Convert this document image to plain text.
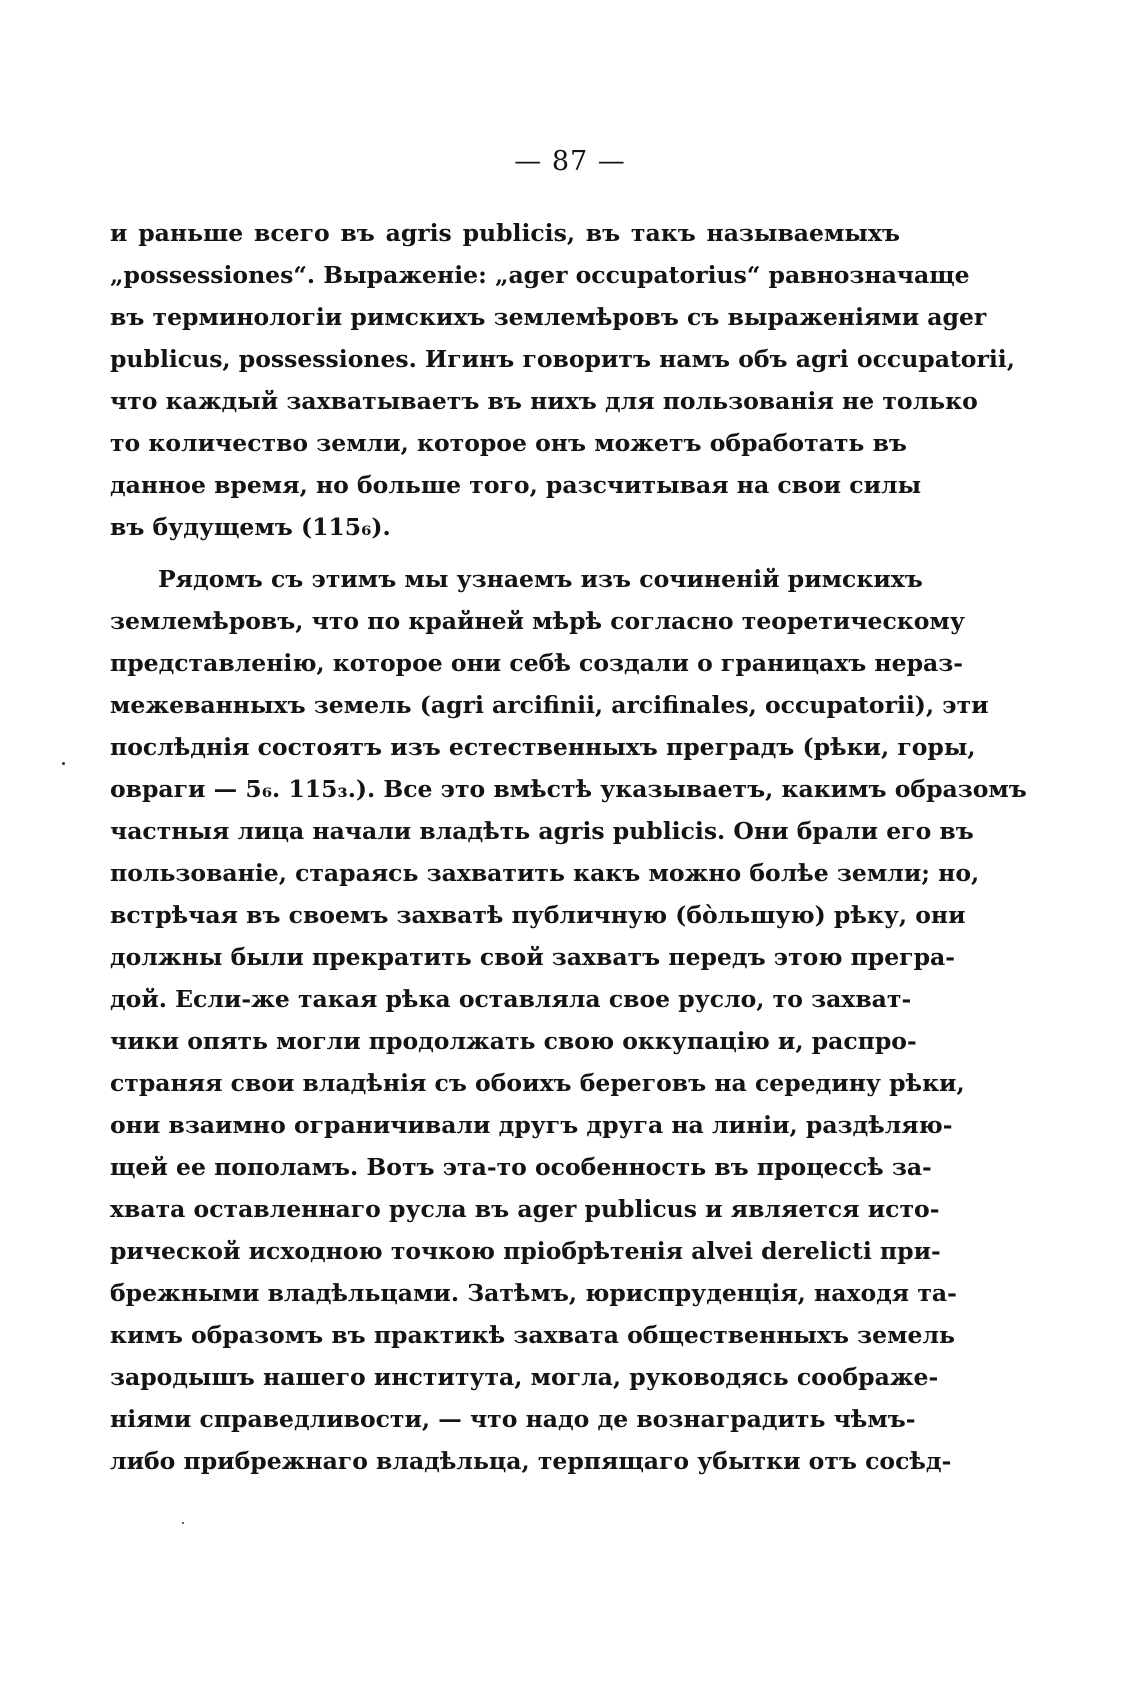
— 87 —
и раньше всего въ agris publicis, въ такъ называемыхъ
„possessiones“. Выраженіе: „ager occupatorius“ равнозначаще
въ терминологіи римскихъ землемѣровъ съ выраженіями ager
publicus, possessiones. Игинъ говоритъ намъ объ agri occupatorii,
что каждый захватываетъ въ нихъ для пользованія не только
то количество земли, которое онъ можетъ обработать въ
данное время, но больше того, разсчитывая на свои силы
въ будущемъ (115₆).
Рядомъ съ этимъ мы узнаемъ изъ сочиненій римскихъ
землемѣровъ, что по крайней мѣрѣ согласно теоретическому
представленію, которое они себѣ создали о границахъ нераз-
межеванныхъ земель (agri arcifinii, arcifinales, occupatorii), эти
послѣднія состоятъ изъ естественныхъ преградъ (рѣки, горы,
овраги — 5₆. 115₃.). Все это вмѣстѣ указываетъ, какимъ образомъ
частныя лица начали владѣть agris publicis. Они брали его въ
пользованіе, стараясь захватить какъ можно болѣе земли; но,
встрѣчая въ своемъ захватѣ публичную (бо̀льшую) рѣку, они
должны были прекратить свой захватъ передъ этою прегра-
дой. Если-же такая рѣка оставляла свое русло, то захват-
чики опять могли продолжать свою оккупацію и, распро-
страняя свои владѣнія съ обоихъ береговъ на середину рѣки,
они взаимно ограничивали другъ друга на линіи, раздѣляю-
щей ее пополамъ. Вотъ эта-то особенность въ процессѣ за-
хвата оставленнаго русла въ ager publicus и является исто-
рической исходною точкою пріобрѣтенія alvei derelicti при-
брежными владѣльцами. Затѣмъ, юриспруденція, находя та-
кимъ образомъ въ практикѣ захвата общественныхъ земель
зародышъ нашего института, могла, руководясь соображе-
ніями справедливости, — что надо де вознаградить чѣмъ-
либо прибрежнаго владѣльца, терпящаго убытки отъ сосѣд-
